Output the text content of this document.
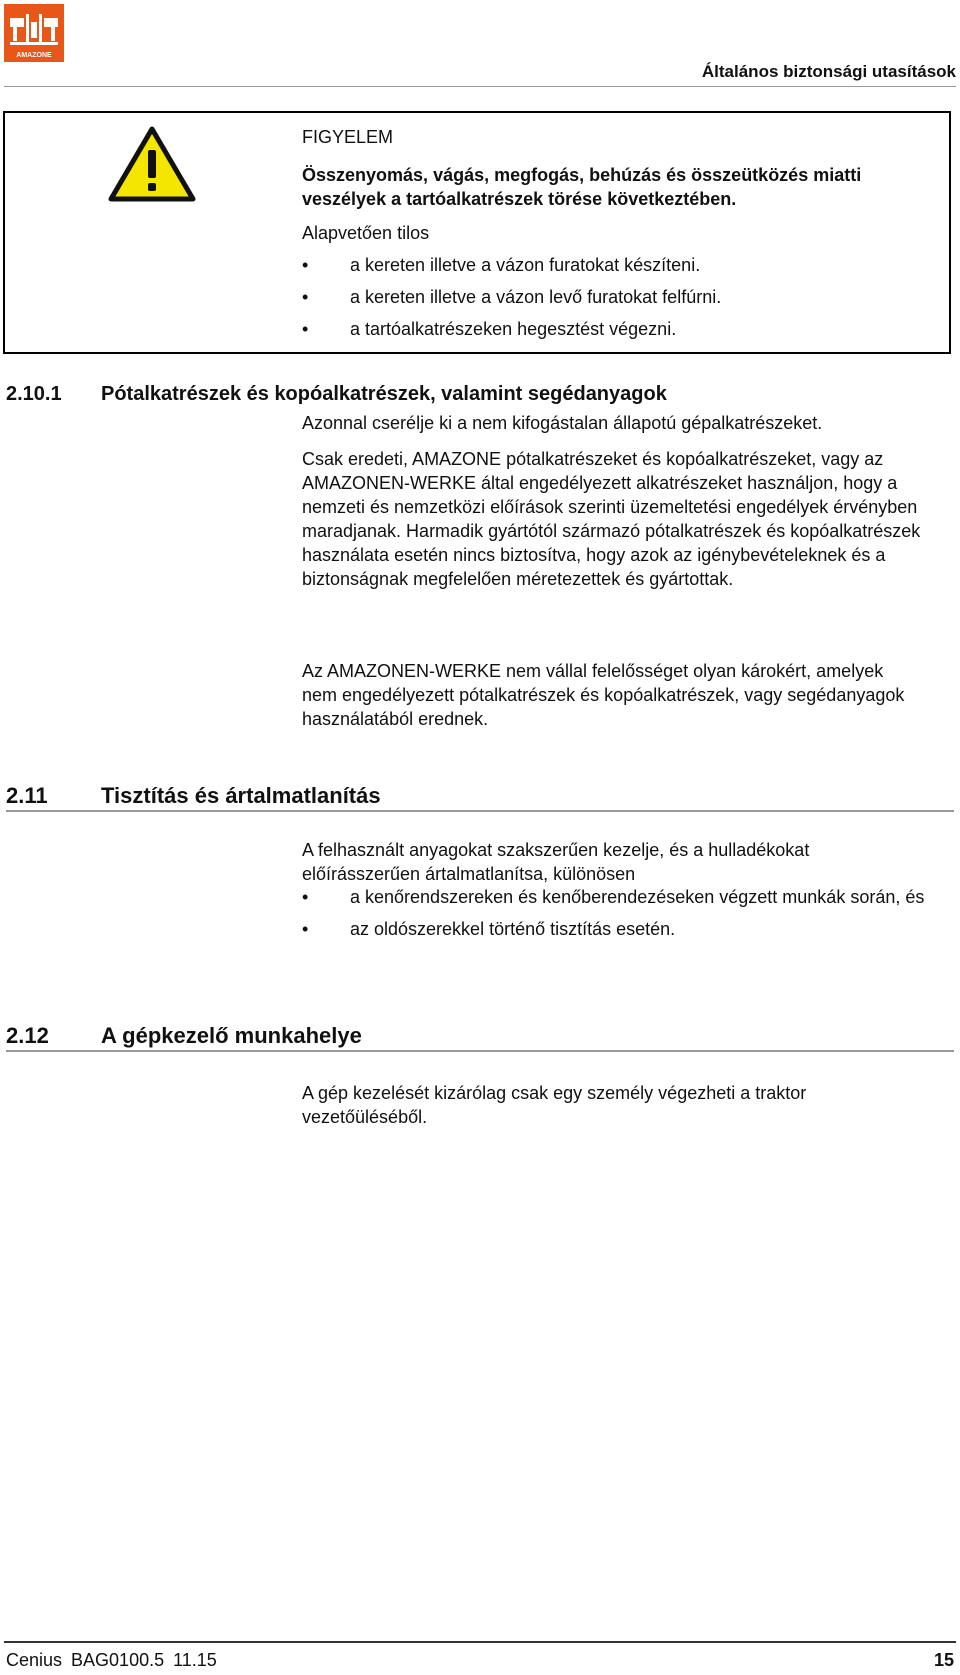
AMAZONE
Általános biztonsági utasítások
FIGYELEM
Összenyomás, vágás, megfogás, behúzás és összeütközés miatti veszélyek a tartóalkatrészek törése következtében.
Alapvetően tilos
•	a kereten illetve a vázon furatokat készíteni.
•	a kereten illetve a vázon levő furatokat felfúrni.
•	a tartóalkatrészeken hegesztést végezni.
2.10.1 Pótalkatrészek és kopóalkatrészek, valamint segédanyagok
Azonnal cserélje ki a nem kifogástalan állapotú gépalkatrészeket.
Csak eredeti, AMAZONE pótalkatrészeket és kopóalkatrészeket, vagy az AMAZONEN-WERKE által engedélyezett alkatrészeket használjon, hogy a nemzeti és nemzetközi előírások szerinti üzemeltetési engedélyek érvényben maradjanak. Harmadik gyártótól származó pótalkatrészek és kopóalkatrészek használata esetén nincs biztosítva, hogy azok az igénybevételeknek és a biztonságnak megfelelően méretezettek és gyártottak.
Az AMAZONEN-WERKE nem vállal felelősséget olyan károkért, amelyek nem engedélyezett pótalkatrészek és kopóalkatrészek, vagy segédanyagok használatából erednek.
2.11 Tisztítás és ártalmatlanítás
A felhasznált anyagokat szakszerűen kezelje, és a hulladékokat előírásszerűen ártalmatlanítsa, különösen
•	a kenőrendszereken és kenőberendezéseken végzett munkák során, és
•	az oldószerekkel történő tisztítás esetén.
2.12 A gépkezelő munkahelye
A gép kezelését kizárólag csak egy személy végezheti a traktor vezetőüléséből.
Cenius BAG0100.5 11.15	15
